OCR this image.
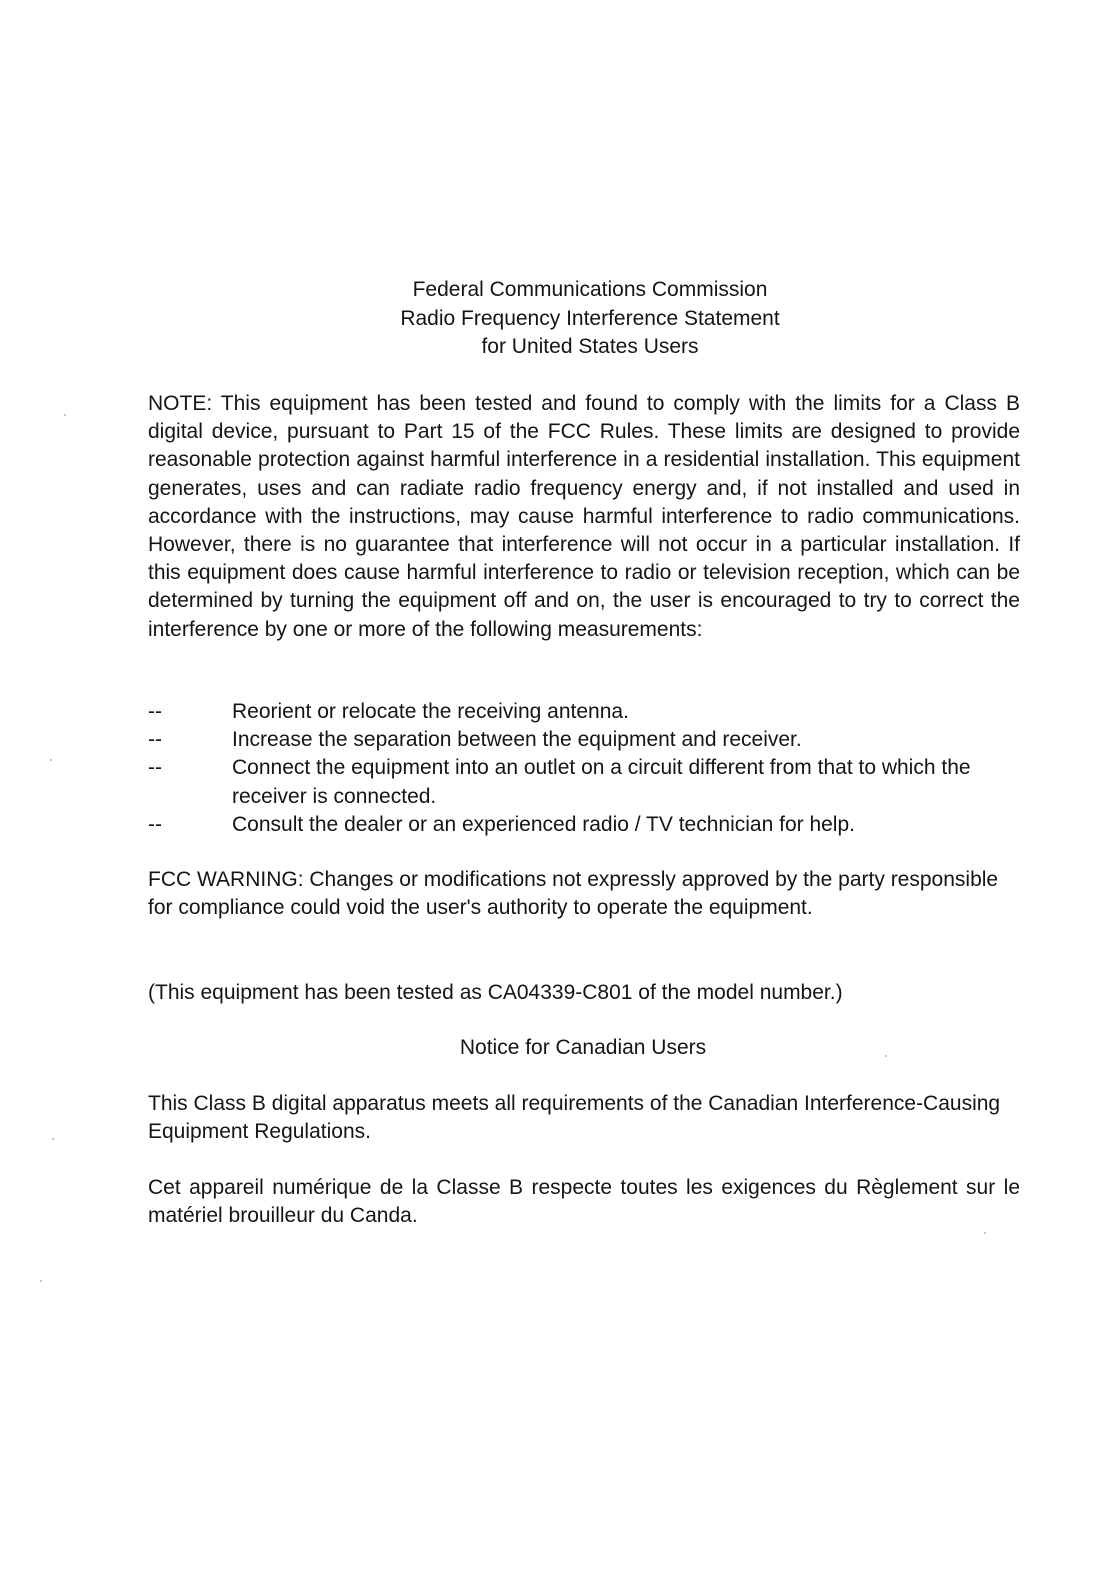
Federal Communications Commission
Radio Frequency Interference Statement
for United States Users
NOTE: This equipment has been tested and found to comply with the limits for a Class B digital device, pursuant to Part 15 of the FCC Rules. These limits are designed to provide reasonable protection against harmful interference in a residential installation. This equipment generates, uses and can radiate radio frequency energy and, if not installed and used in accordance with the instructions, may cause harmful interference to radio communications. However, there is no guarantee that interference will not occur in a particular installation. If this equipment does cause harmful interference to radio or television reception, which can be determined by turning the equipment off and on, the user is encouraged to try to correct the interference by one or more of the following measurements:
--	Reorient or relocate the receiving antenna.
--	Increase the separation between the equipment and receiver.
--	Connect the equipment into an outlet on a circuit different from that to which the receiver is connected.
--	Consult the dealer or an experienced radio / TV technician for help.
FCC WARNING: Changes or modifications not expressly approved by the party responsible for compliance could void the user's authority to operate the equipment.
(This equipment has been tested as CA04339-C801 of the model number.)
Notice for Canadian Users
This Class B digital apparatus meets all requirements of the Canadian Interference-Causing Equipment Regulations.
Cet appareil numérique de la Classe B respecte toutes les exigences du Règlement sur le matériel brouilleur du Canda.
